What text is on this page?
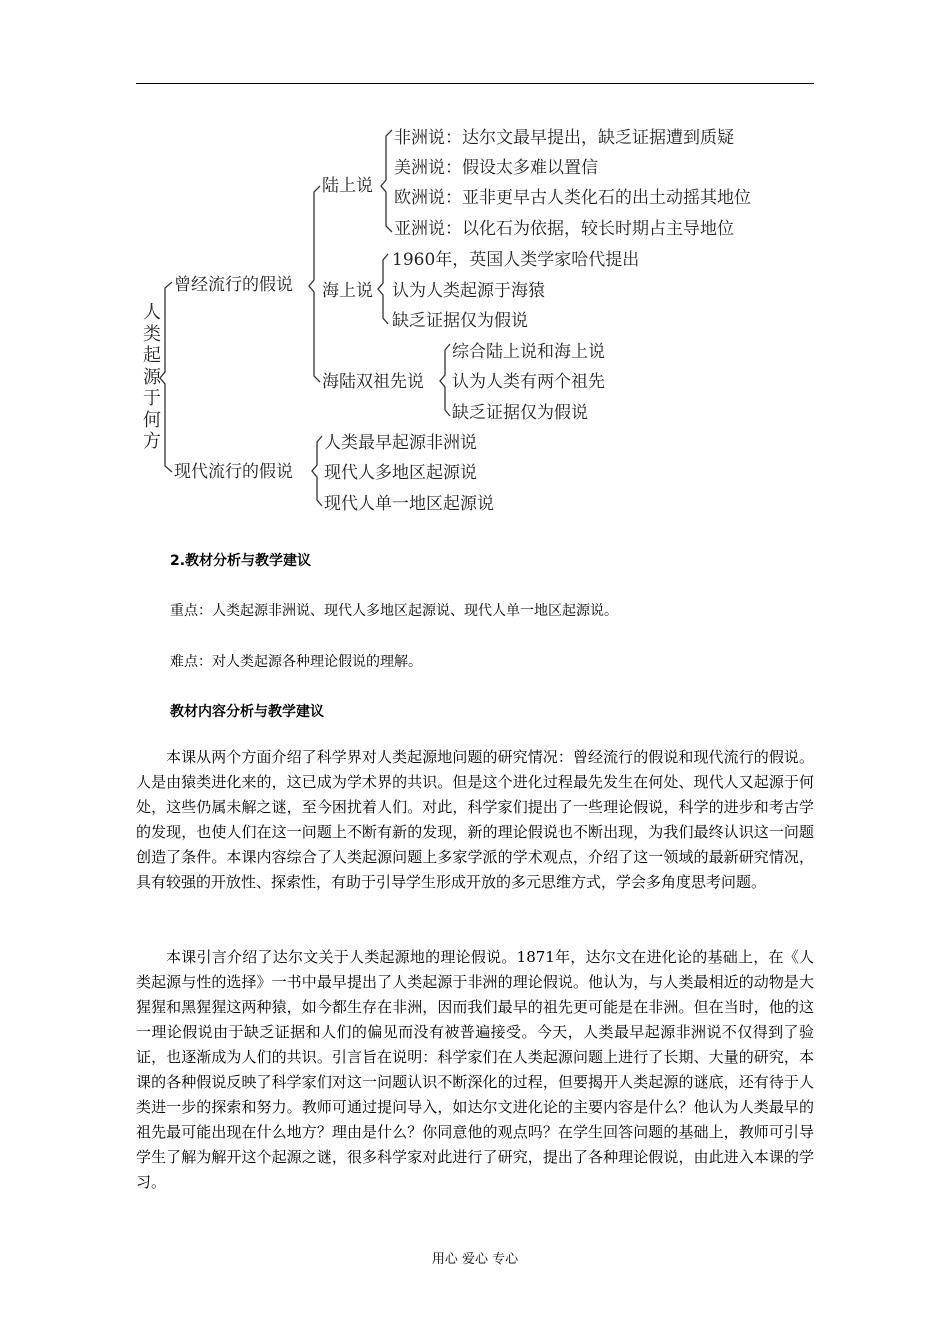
人类起源于何方
曾经流行的假说
现代流行的假说
陆上说
非洲说：达尔文最早提出，缺乏证据遭到质疑
美洲说：假设太多难以置信
欧洲说：亚非更早古人类化石的出土动摇其地位
亚洲说：以化石为依据，较长时期占主导地位
海上说
1960年，英国人类学家哈代提出
认为人类起源于海猿
缺乏证据仅为假说
海陆双祖先说
综合陆上说和海上说
认为人类有两个祖先
缺乏证据仅为假说
人类最早起源非洲说
现代人多地区起源说
现代人单一地区起源说
2.教材分析与教学建议
重点：人类起源非洲说、现代人多地区起源说、现代人单一地区起源说。
难点：对人类起源各种理论假说的理解。
教材内容分析与教学建议

本课从两个方面介绍了科学界对人类起源地问题的研究情况：曾经流行的假说和现代流行的假说。人是由猿类进化来的，这已成为学术界的共识。但是这个进化过程最先发生在何处、现代人又起源于何处，这些仍属未解之谜，至今困扰着人们。对此，科学家们提出了一些理论假说，科学的进步和考古学的发现，也使人们在这一问题上不断有新的发现，新的理论假说也不断出现，为我们最终认识这一问题创造了条件。本课内容综合了人类起源问题上多家学派的学术观点，介绍了这一领域的最新研究情况，具有较强的开放性、探索性，有助于引导学生形成开放的多元思维方式，学会多角度思考问题。

本课引言介绍了达尔文关于人类起源地的理论假说。1871年，达尔文在进化论的基础上，在《人类起源与性的选择》一书中最早提出了人类起源于非洲的理论假说。他认为，与人类最相近的动物是大猩猩和黑猩猩这两种猿，如今都生存在非洲，因而我们最早的祖先更可能是在非洲。但在当时，他的这一理论假说由于缺乏证据和人们的偏见而没有被普遍接受。今天，人类最早起源非洲说不仅得到了验证，也逐渐成为人们的共识。引言旨在说明：科学家们在人类起源问题上进行了长期、大量的研究，本课的各种假说反映了科学家们对这一问题认识不断深化的过程，但要揭开人类起源的谜底，还有待于人类进一步的探索和努力。教师可通过提问导入，如达尔文进化论的主要内容是什么？他认为人类最早的祖先最可能出现在什么地方？理由是什么？你同意他的观点吗？在学生回答问题的基础上，教师可引导学生了解为解开这个起源之谜，很多科学家对此进行了研究，提出了各种理论假说，由此进入本课的学习。

用心 爱心 专心
